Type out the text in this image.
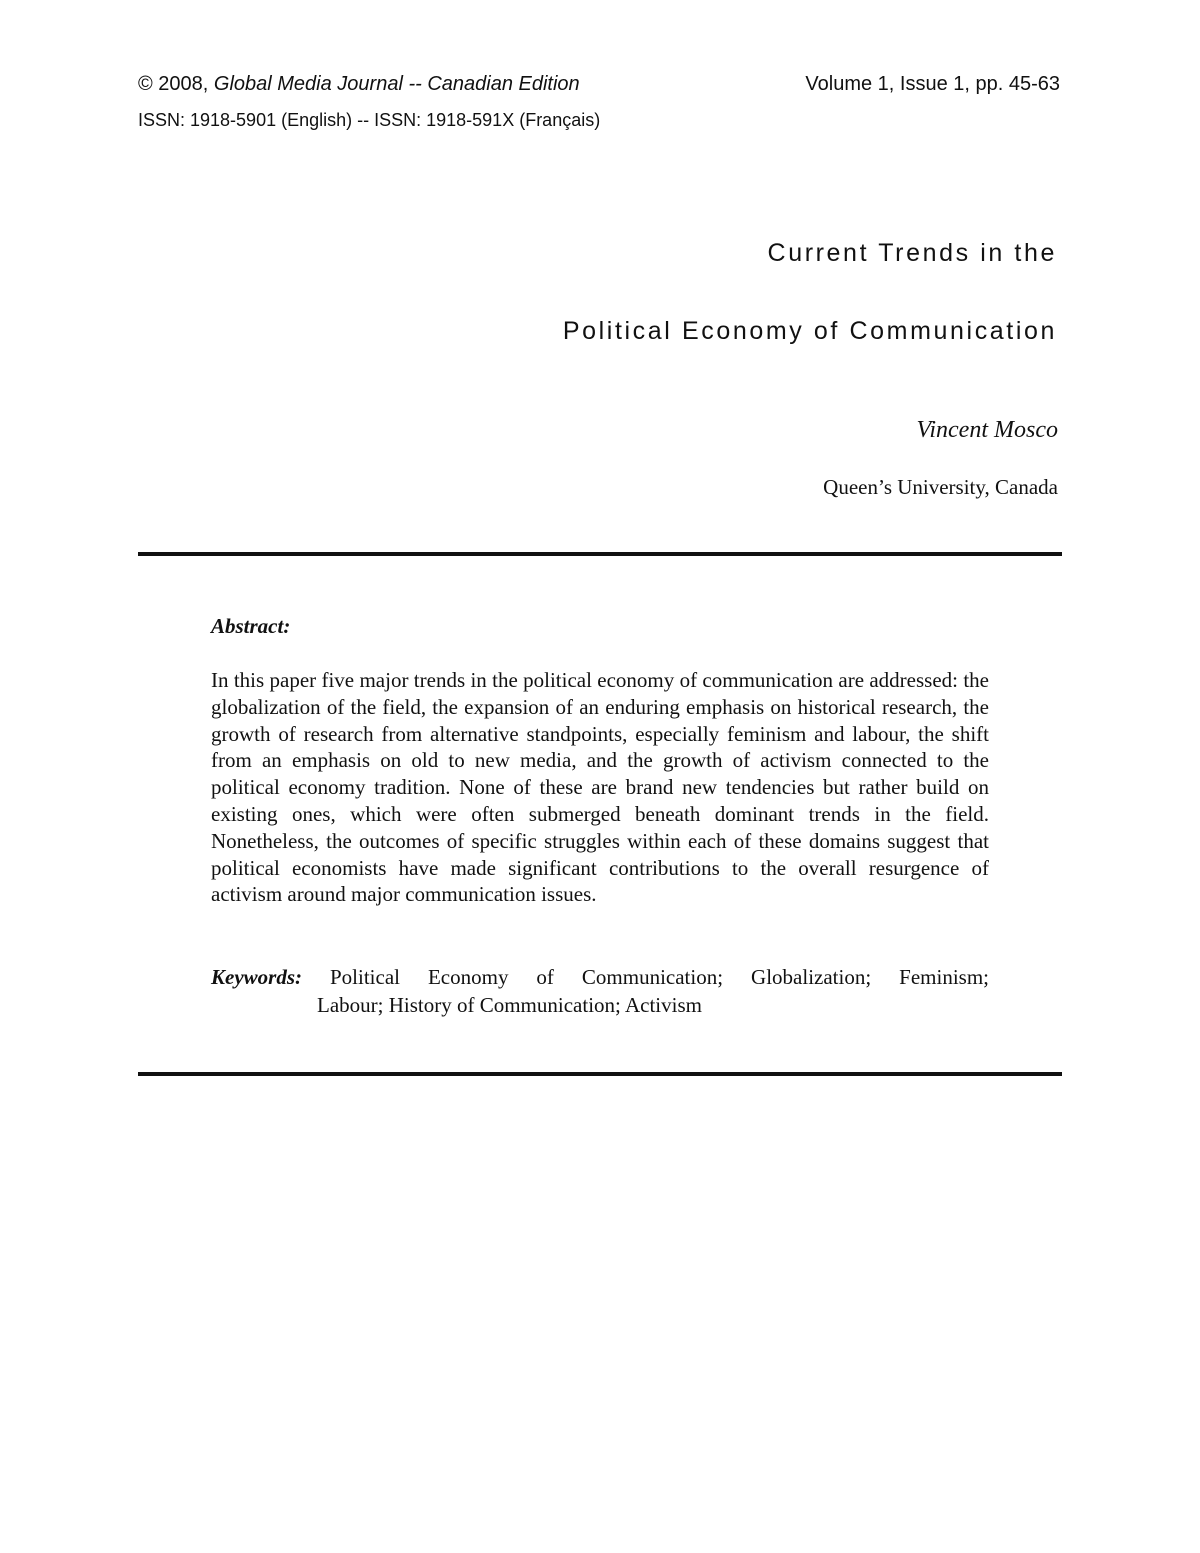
© 2008, Global Media Journal -- Canadian Edition	Volume 1, Issue 1, pp. 45-63
ISSN: 1918-5901 (English) -- ISSN: 1918-591X (Français)
Current Trends in the
Political Economy of Communication
Vincent Mosco
Queen’s University, Canada
Abstract:
In this paper five major trends in the political economy of communication are addressed: the globalization of the field, the expansion of an enduring emphasis on historical research, the growth of research from alternative standpoints, especially feminism and labour, the shift from an emphasis on old to new media, and the growth of activism connected to the political economy tradition. None of these are brand new tendencies but rather build on existing ones, which were often submerged beneath dominant trends in the field. Nonetheless, the outcomes of specific struggles within each of these domains suggest that political economists have made significant contributions to the overall resurgence of activism around major communication issues.
Keywords: Political Economy of Communication; Globalization; Feminism;
Labour; History of Communication; Activism
